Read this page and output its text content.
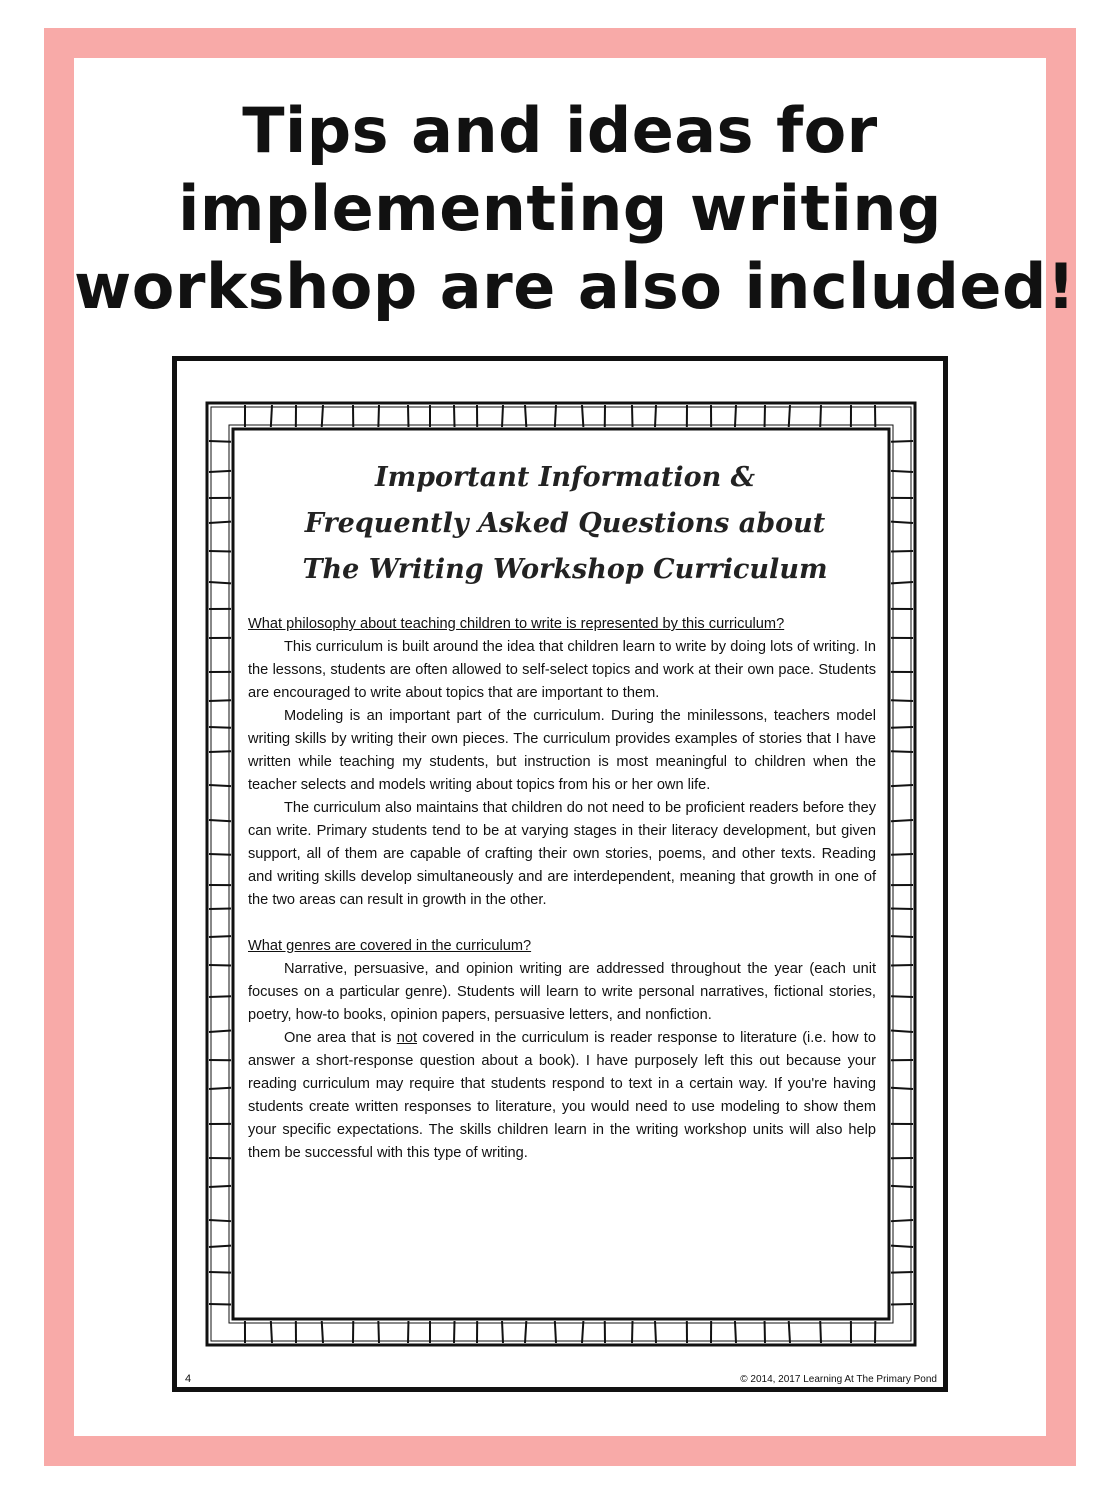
Tips and ideas for
implementing writing
workshop are also included!
Important Information &
Frequently Asked Questions about
The Writing Workshop Curriculum

What philosophy about teaching children to write is represented by this curriculum?

This curriculum is built around the idea that children learn to write by doing lots of writing. In the lessons, students are often allowed to self-select topics and work at their own pace. Students are encouraged to write about topics that are important to them.

Modeling is an important part of the curriculum. During the minilessons, teachers model writing skills by writing their own pieces. The curriculum provides examples of stories that I have written while teaching my students, but instruction is most meaningful to children when the teacher selects and models writing about topics from his or her own life.

The curriculum also maintains that children do not need to be proficient readers before they can write. Primary students tend to be at varying stages in their literacy development, but given support, all of them are capable of crafting their own stories, poems, and other texts. Reading and writing skills develop simultaneously and are interdependent, meaning that growth in one of the two areas can result in growth in the other.

What genres are covered in the curriculum?

Narrative, persuasive, and opinion writing are addressed throughout the year (each unit focuses on a particular genre). Students will learn to write personal narratives, fictional stories, poetry, how-to books, opinion papers, persuasive letters, and nonfiction.

One area that is not covered in the curriculum is reader response to literature (i.e. how to answer a short-response question about a book). I have purposely left this out because your reading curriculum may require that students respond to text in a certain way. If you're having students create written responses to literature, you would need to use modeling to show them your specific expectations. The skills children learn in the writing workshop units will also help them be successful with this type of writing.

4	© 2014, 2017 Learning At The Primary Pond
